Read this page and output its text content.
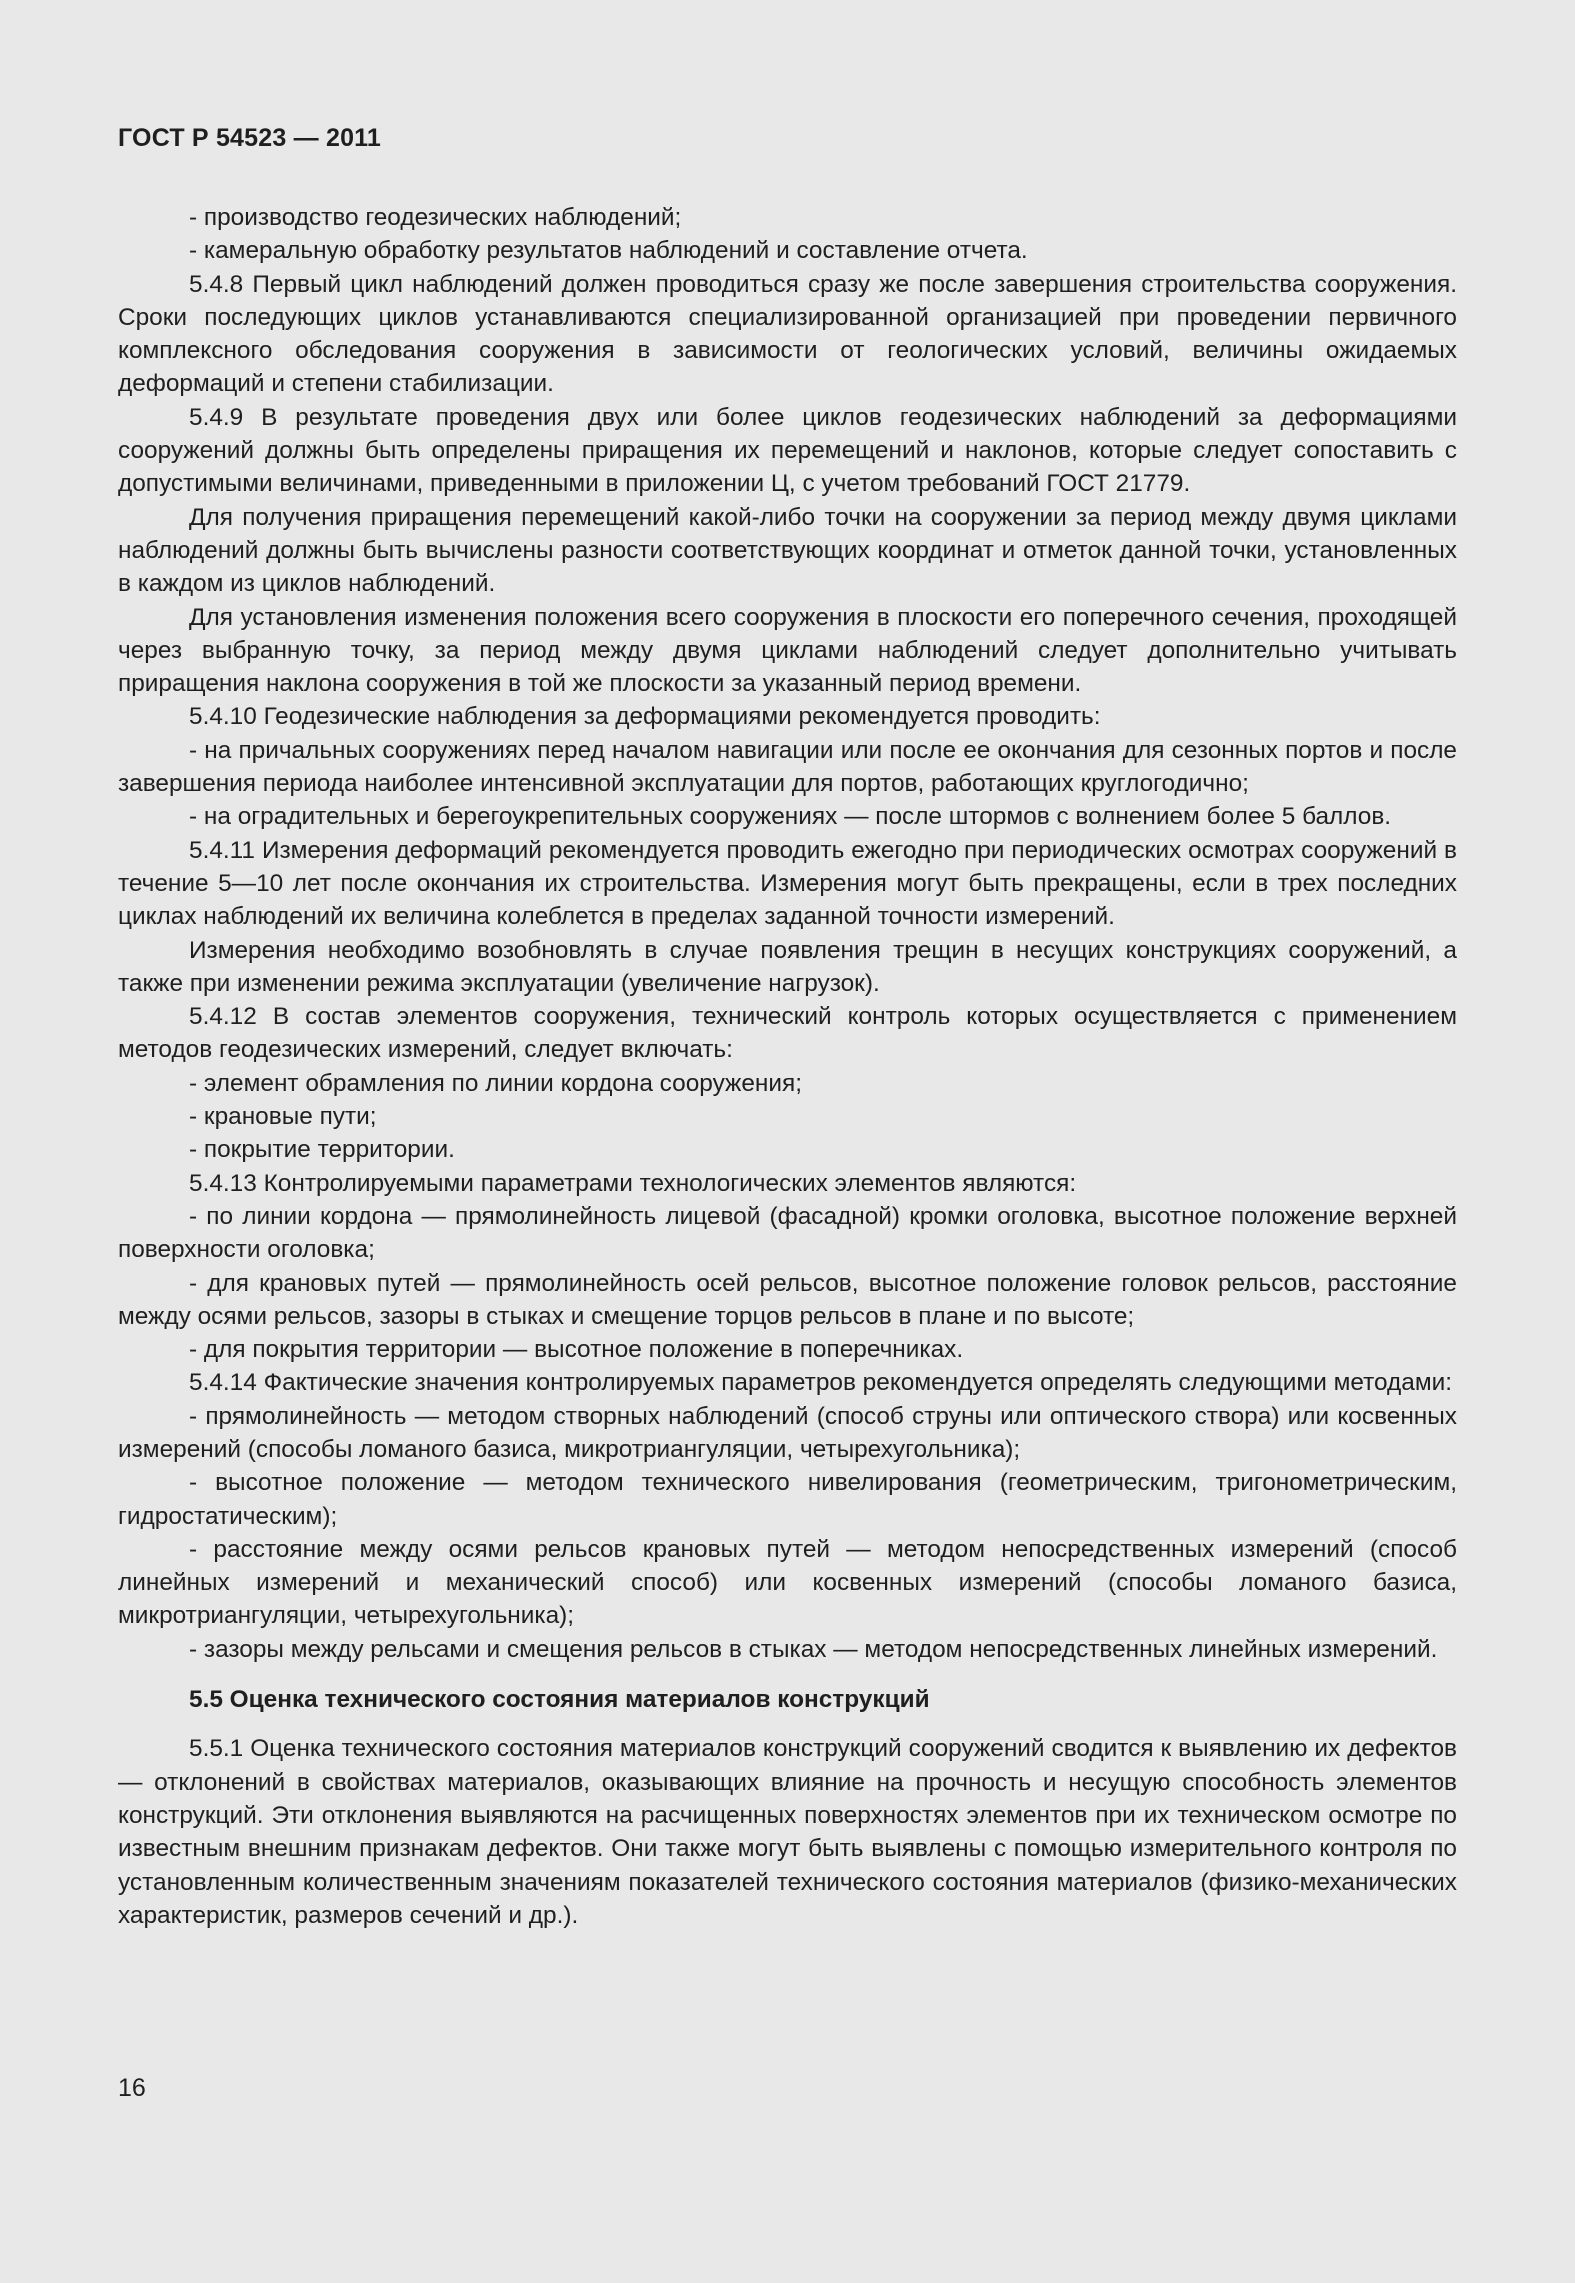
ГОСТ Р 54523 — 2011

- производство геодезических наблюдений;

- камеральную обработку результатов наблюдений и составление отчета.

5.4.8 Первый цикл наблюдений должен проводиться сразу же после завершения строительства сооружения. Сроки последующих циклов устанавливаются специализированной организацией при проведении первичного комплексного обследования сооружения в зависимости от геологических условий, величины ожидаемых деформаций и степени стабилизации.

5.4.9 В результате проведения двух или более циклов геодезических наблюдений за деформациями сооружений должны быть определены приращения их перемещений и наклонов, которые следует сопоставить с допустимыми величинами, приведенными в приложении Ц, с учетом требований ГОСТ 21779.

Для получения приращения перемещений какой-либо точки на сооружении за период между двумя циклами наблюдений должны быть вычислены разности соответствующих координат и отметок данной точки, установленных в каждом из циклов наблюдений.

Для установления изменения положения всего сооружения в плоскости его поперечного сечения, проходящей через выбранную точку, за период между двумя циклами наблюдений следует дополнительно учитывать приращения наклона сооружения в той же плоскости за указанный период времени.

5.4.10 Геодезические наблюдения за деформациями рекомендуется проводить:

- на причальных сооружениях перед началом навигации или после ее окончания для сезонных портов и после завершения периода наиболее интенсивной эксплуатации для портов, работающих круглогодично;

- на оградительных и берегоукрепительных сооружениях — после штормов с волнением более 5 баллов.

5.4.11 Измерения деформаций рекомендуется проводить ежегодно при периодических осмотрах сооружений в течение 5—10 лет после окончания их строительства. Измерения могут быть прекращены, если в трех последних циклах наблюдений их величина колеблется в пределах заданной точности измерений.

Измерения необходимо возобновлять в случае появления трещин в несущих конструкциях сооружений, а также при изменении режима эксплуатации (увеличение нагрузок).

5.4.12 В состав элементов сооружения, технический контроль которых осуществляется с применением методов геодезических измерений, следует включать:

- элемент обрамления по линии кордона сооружения;

- крановые пути;

- покрытие территории.

5.4.13 Контролируемыми параметрами технологических элементов являются:

- по линии кордона — прямолинейность лицевой (фасадной) кромки оголовка, высотное положение верхней поверхности оголовка;

- для крановых путей — прямолинейность осей рельсов, высотное положение головок рельсов, расстояние между осями рельсов, зазоры в стыках и смещение торцов рельсов в плане и по высоте;

- для покрытия территории — высотное положение в поперечниках.

5.4.14 Фактические значения контролируемых параметров рекомендуется определять следующими методами:

- прямолинейность — методом створных наблюдений (способ струны или оптического створа) или косвенных измерений (способы ломаного базиса, микротриангуляции, четырехугольника);

- высотное положение — методом технического нивелирования (геометрическим, тригонометрическим, гидростатическим);

- расстояние между осями рельсов крановых путей — методом непосредственных измерений (способ линейных измерений и механический способ) или косвенных измерений (способы ломаного базиса, микротриангуляции, четырехугольника);

- зазоры между рельсами и смещения рельсов в стыках — методом непосредственных линейных измерений.

5.5 Оценка технического состояния материалов конструкций

5.5.1 Оценка технического состояния материалов конструкций сооружений сводится к выявлению их дефектов — отклонений в свойствах материалов, оказывающих влияние на прочность и несущую способность элементов конструкций. Эти отклонения выявляются на расчищенных поверхностях элементов при их техническом осмотре по известным внешним признакам дефектов. Они также могут быть выявлены с помощью измерительного контроля по установленным количественным значениям показателей технического состояния материалов (физико-механических характеристик, размеров сечений и др.).

16
